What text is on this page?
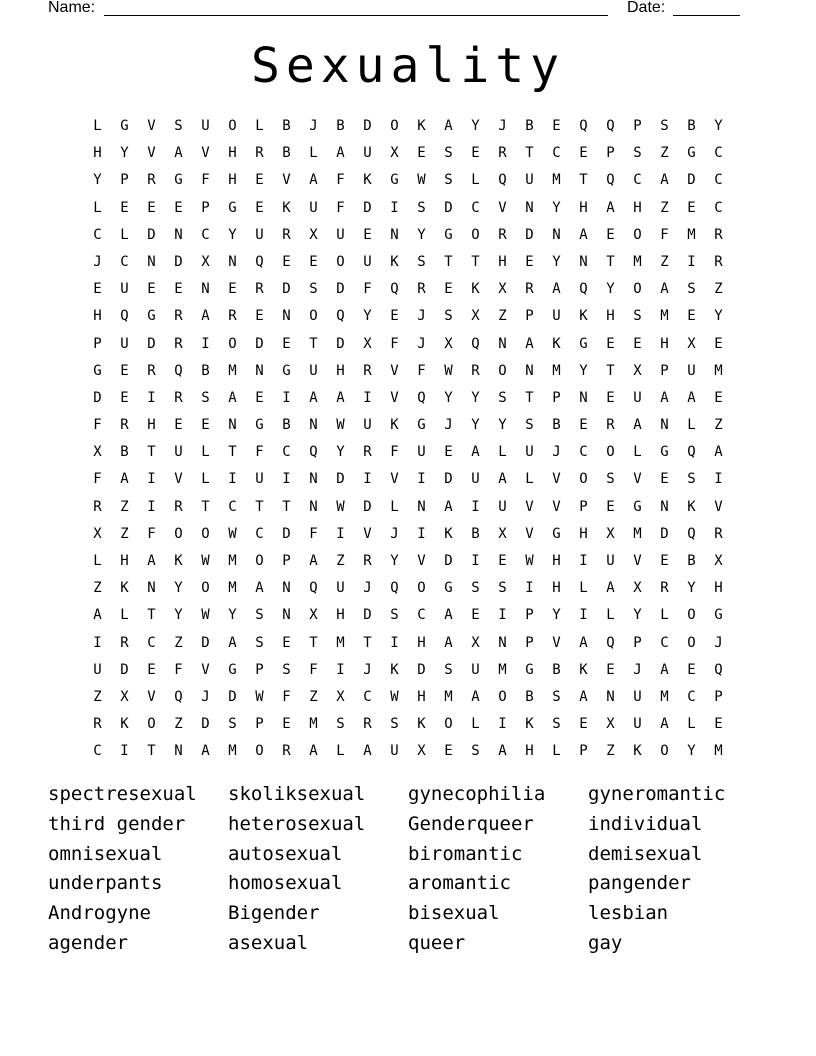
Name:	Date:
Sexuality
L	G	V	S	U	O	L	B	J	B	D	O	K	A	Y	J	B	E	Q	Q	P	S	B	Y
H	Y	V	A	V	H	R	B	L	A	U	X	E	S	E	R	T	C	E	P	S	Z	G	C
Y	P	R	G	F	H	E	V	A	F	K	G	W	S	L	Q	U	M	T	Q	C	A	D	C
L	E	E	E	P	G	E	K	U	F	D	I	S	D	C	V	N	Y	H	A	H	Z	E	C
C	L	D	N	C	Y	U	R	X	U	E	N	Y	G	O	R	D	N	A	E	O	F	M	R
J	C	N	D	X	N	Q	E	E	O	U	K	S	T	T	H	E	Y	N	T	M	Z	I	R
E	U	E	E	N	E	R	D	S	D	F	Q	R	E	K	X	R	A	Q	Y	O	A	S	Z
H	Q	G	R	A	R	E	N	O	Q	Y	E	J	S	X	Z	P	U	K	H	S	M	E	Y
P	U	D	R	I	O	D	E	T	D	X	F	J	X	Q	N	A	K	G	E	E	H	X	E
G	E	R	Q	B	M	N	G	U	H	R	V	F	W	R	O	N	M	Y	T	X	P	U	M
D	E	I	R	S	A	E	I	A	A	I	V	Q	Y	Y	S	T	P	N	E	U	A	A	E
F	R	H	E	E	N	G	B	N	W	U	K	G	J	Y	Y	S	B	E	R	A	N	L	Z
X	B	T	U	L	T	F	C	Q	Y	R	F	U	E	A	L	U	J	C	O	L	G	Q	A
F	A	I	V	L	I	U	I	N	D	I	V	I	D	U	A	L	V	O	S	V	E	S	I
R	Z	I	R	T	C	T	T	N	W	D	L	N	A	I	U	V	V	P	E	G	N	K	V
X	Z	F	O	O	W	C	D	F	I	V	J	I	K	B	X	V	G	H	X	M	D	Q	R
L	H	A	K	W	M	O	P	A	Z	R	Y	V	D	I	E	W	H	I	U	V	E	B	X
Z	K	N	Y	O	M	A	N	Q	U	J	Q	O	G	S	S	I	H	L	A	X	R	Y	H
A	L	T	Y	W	Y	S	N	X	H	D	S	C	A	E	I	P	Y	I	L	Y	L	O	G
I	R	C	Z	D	A	S	E	T	M	T	I	H	A	X	N	P	V	A	Q	P	C	O	J
U	D	E	F	V	G	P	S	F	I	J	K	D	S	U	M	G	B	K	E	J	A	E	Q
Z	X	V	Q	J	D	W	F	Z	X	C	W	H	M	A	O	B	S	A	N	U	M	C	P
R	K	O	Z	D	S	P	E	M	S	R	S	K	O	L	I	K	S	E	X	U	A	L	E
C	I	T	N	A	M	O	R	A	L	A	U	X	E	S	A	H	L	P	Z	K	O	Y	M
spectresexual	skoliksexual	gynecophilia	gyneromantic
third gender	heterosexual	Genderqueer	individual
omnisexual	autosexual	biromantic	demisexual
underpants	homosexual	aromantic	pangender
Androgyne	Bigender	bisexual	lesbian
agender	asexual	queer	gay
